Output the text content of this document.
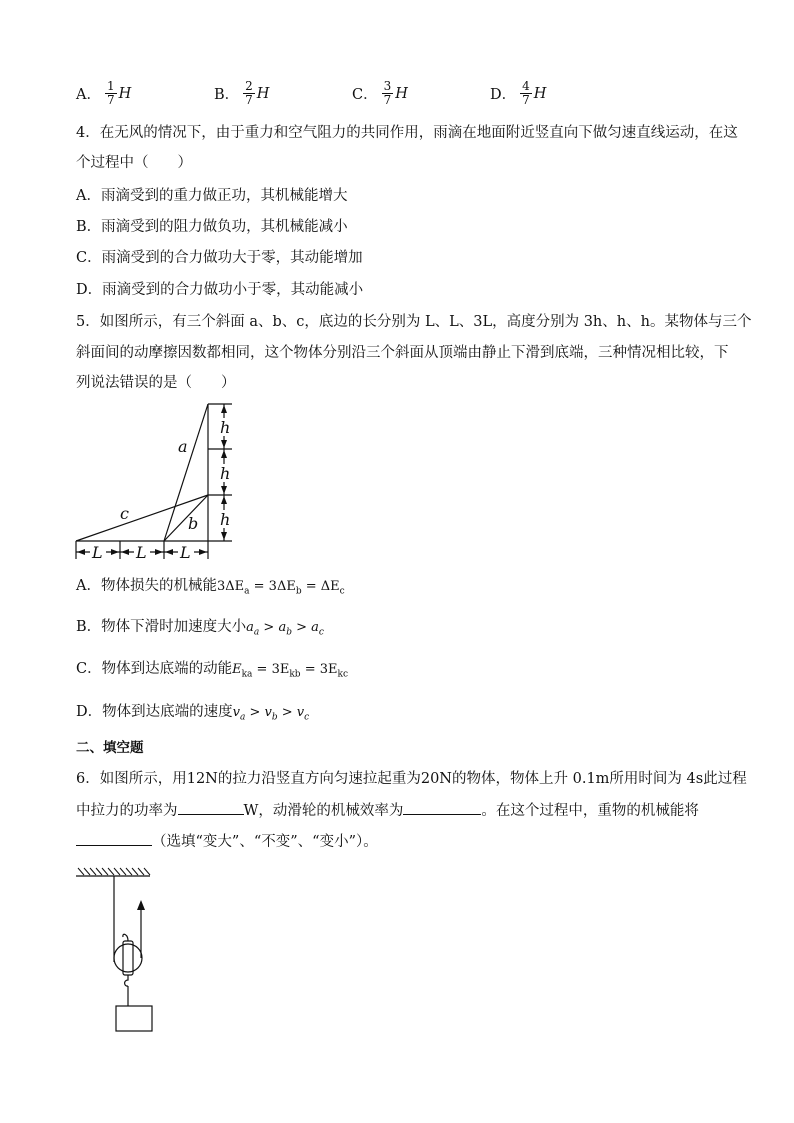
A． $\frac{1}{7}$ H	B． $\frac{2}{7}$ H	C． $\frac{3}{7}$ H	D． $\frac{4}{7}$ H
4．在无风的情况下，由于重力和空气阻力的共同作用，雨滴在地面附近竖直向下做匀速直线运动，在这
个过程中（　　）
A．雨滴受到的重力做正功，其机械能增大
B．雨滴受到的阻力做负功，其机械能减小
C．雨滴受到的合力做功大于零，其动能增加
D．雨滴受到的合力做功小于零，其动能减小
5．如图所示，有三个斜面 a、b、c，底边的长分别为 L、L、3L，高度分别为 3h、h、h。某物体与三个
斜面间的动摩擦因数都相同，这个物体分别沿三个斜面从顶端由静止下滑到底端，三种情况相比较，下
列说法错误的是（　　）
a
b
c
h
h
h
L L L
A．物体损失的机械能$3\Delta E_a = 3\Delta E_b = \Delta E_c$
B．物体下滑时加速度大小$a_a > a_b > a_c$
C．物体到达底端的动能$E_{ka} = 3E_{kb} = 3E_{kc}$
D．物体到达底端的速度$v_a > v_b > v_c$
二、填空题
6．如图所示，用12N的拉力沿竖直方向匀速拉起重为20N的物体，物体上升 0.1m所用时间为 4s此过程
中拉力的功率为	W，动滑轮的机械效率为	。在这个过程中，重物的机械能将
（选填“变大”、“不变”、“变小”）。
